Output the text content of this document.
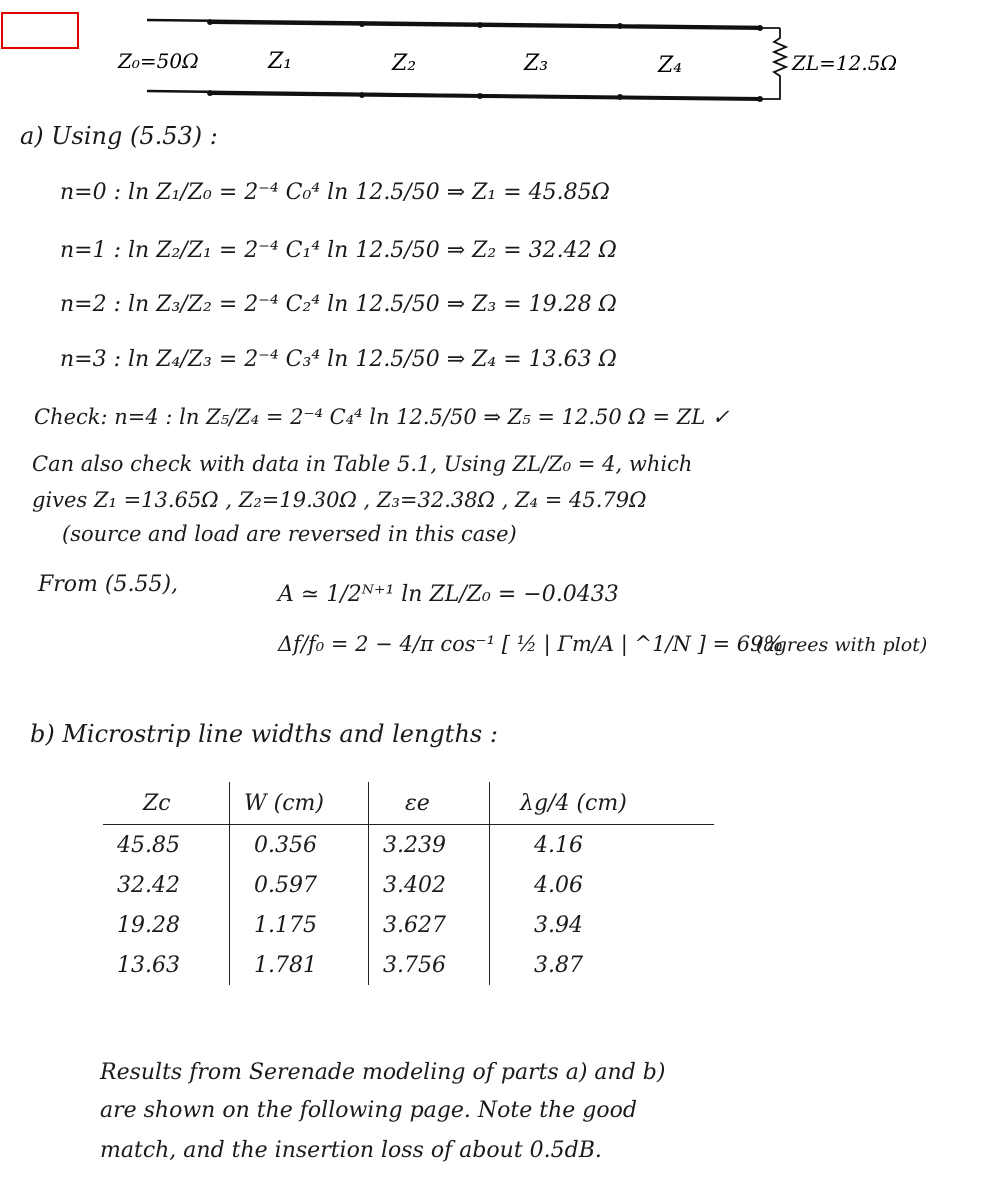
Z₀=50Ω	Z₁	Z₂	Z₃	Z₄	ZL=12.5Ω
a) Using (5.53) :
n=0 : ln Z₁/Z₀ = 2⁻⁴ C₀⁴ ln 12.5/50 ⇒ Z₁ = 45.85Ω
n=1 : ln Z₂/Z₁ = 2⁻⁴ C₁⁴ ln 12.5/50 ⇒ Z₂ = 32.42 Ω
n=2 : ln Z₃/Z₂ = 2⁻⁴ C₂⁴ ln 12.5/50 ⇒ Z₃ = 19.28 Ω
n=3 : ln Z₄/Z₃ = 2⁻⁴ C₃⁴ ln 12.5/50 ⇒ Z₄ = 13.63 Ω
Check: n=4 : ln Z₅/Z₄ = 2⁻⁴ C₄⁴ ln 12.5/50 ⇒ Z₅ = 12.50 Ω = ZL ✓
Can also check with data in Table 5.1, Using ZL/Z₀ = 4, which
gives Z₁ =13.65Ω , Z₂=19.30Ω , Z₃=32.38Ω , Z₄ = 45.79Ω
(source and load are reversed in this case)
From (5.55),	A ≃ 1/2ᴺ⁺¹ ln ZL/Z₀ = −0.0433
Δf/f₀ = 2 − 4/π cos⁻¹ [ ½ | Γm/A | ^1/N ] = 69%
(agrees with plot)
b) Microstrip line widths and lengths :
Zc	W (cm)	εe	λg/4 (cm)
45.85	0.356	3.239	4.16
32.42	0.597	3.402	4.06
19.28	1.175	3.627	3.94
13.63	1.781	3.756	3.87
Results from Serenade modeling of parts a) and b)
are shown on the following page. Note the good
match, and the insertion loss of about 0.5dB.
